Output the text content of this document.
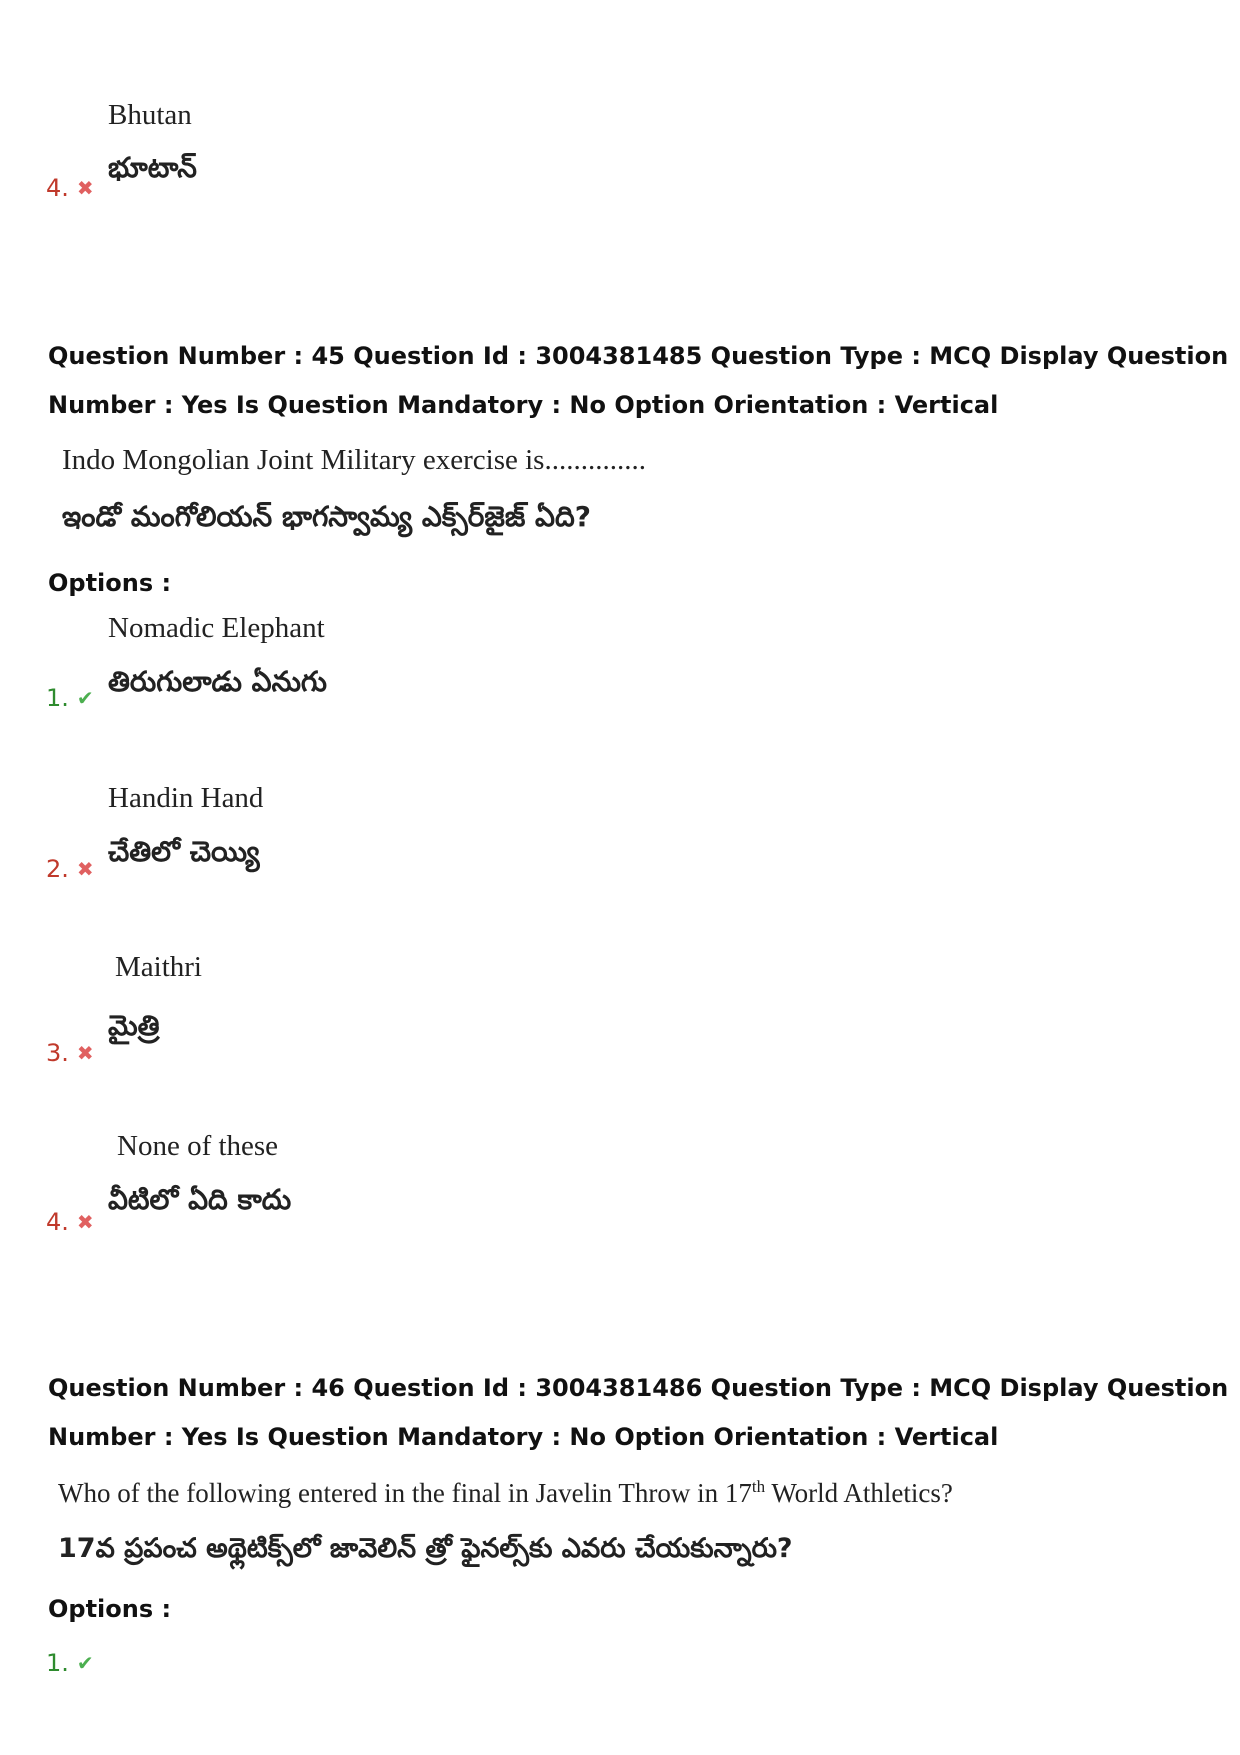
Bhutan
భూటాన్
4. ✖
Question Number : 45 Question Id : 3004381485 Question Type : MCQ Display Question
Number : Yes Is Question Mandatory : No Option Orientation : Vertical
Indo Mongolian Joint Military exercise is..............
ఇండో మంగోలియన్ భాగస్వామ్య ఎక్స్‌ర్‌జైజ్ ఏది?
Options :
Nomadic Elephant
తిరుగులాడు ఏనుగు
1. ✔
Handin Hand
చేతిలో చెయ్యి
2. ✖
Maithri
మైత్రి
3. ✖
None of these
వీటిలో ఏది కాదు
4. ✖
Question Number : 46 Question Id : 3004381486 Question Type : MCQ Display Question
Number : Yes Is Question Mandatory : No Option Orientation : Vertical
Who of the following entered in the final in Javelin Throw in 17th World Athletics?
17వ ప్రపంచ అథ్లెటిక్స్‌లో జావెలిన్ త్రో ఫైనల్స్‌కు ఎవరు చేయకున్నారు?
Options :
1. ✔
